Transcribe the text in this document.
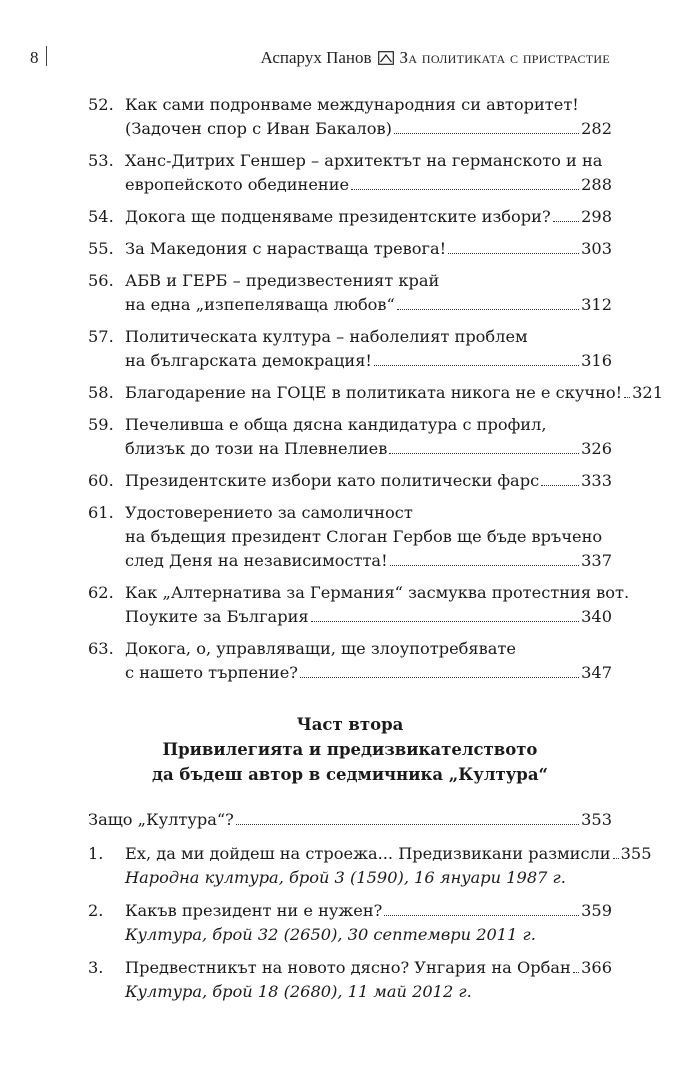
8	Аспарух Панов За политиката с пристрастие
52. Как сами подронваме международния си авторитет!
(Задочен спор с Иван Бакалов)	282
53. Ханс-Дитрих Геншер – архитектът на германското и на
европейското обединение	288
54. Докога ще подценяваме президентските избори? 298
55. За Македония с нарастваща тревога!	303
56. АБВ и ГЕРБ – предизвестеният край
на една „изпепеляваща любов“	312
57. Политическата култура – наболелият проблем
на българската демокрация!	316
58. Благодарение на ГОЦЕ в политиката никога не е скучно! 321
59. Печеливша е обща дясна кандидатура с профил,
близък до този на Плевнелиев	326
60. Президентските избори като политически фарс	333
61. Удостоверението за самоличност
на бъдещия президент Слоган Гербов ще бъде връчено
след Деня на независимостта!	337
62. Как „Алтернатива за Германия“ засмуква протестния вот.
Поуките за България	340
63. Докога, о, управляващи, ще злоупотребявате
с нашето търпение?	347
Част втора
Привилегията и предизвикателството
да бъдеш автор в седмичника „Култура“
Защо „Култура“?	353
1.	Ех, да ми дойдеш на строежа... Предизвикани размисли 355
Народна култура, брой 3 (1590), 16 януари 1987 г.
2.	Какъв президент ни е нужен?	359
Култура, брой 32 (2650), 30 септември 2011 г.
3.	Предвестникът на новото дясно? Унгария на Орбан 366
Култура, брой 18 (2680), 11 май 2012 г.
